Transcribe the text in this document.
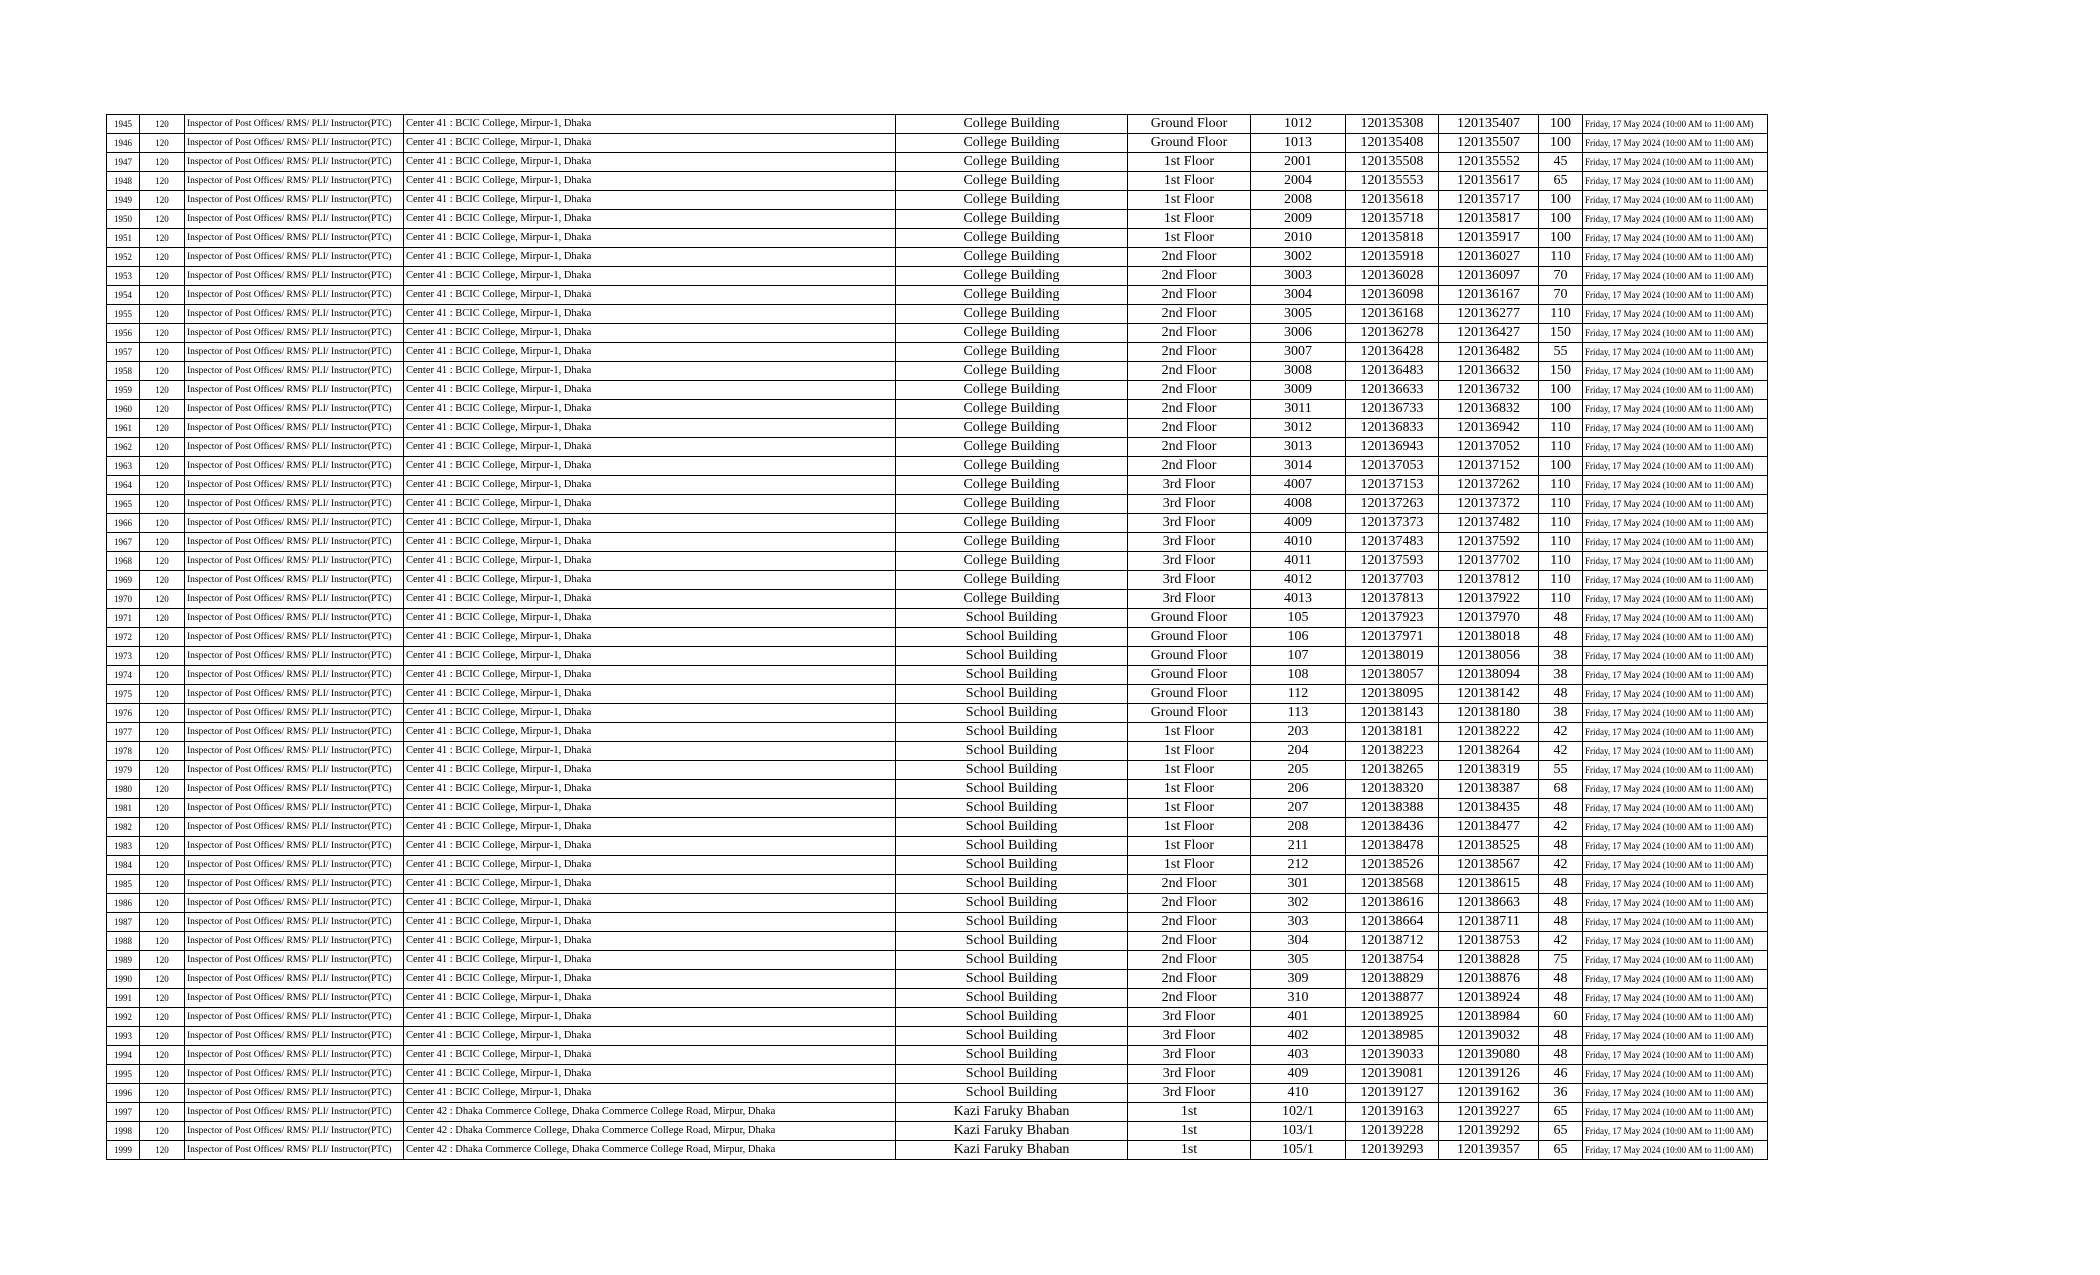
1945	120	Inspector of Post Offices/ RMS/ PLI/ Instructor(PTC)	Center 41 : BCIC College, Mirpur-1, Dhaka	College Building	Ground Floor	1012	120135308	120135407	100	Friday, 17 May 2024 (10:00 AM to 11:00 AM)
1946	120	Inspector of Post Offices/ RMS/ PLI/ Instructor(PTC)	Center 41 : BCIC College, Mirpur-1, Dhaka	College Building	Ground Floor	1013	120135408	120135507	100	Friday, 17 May 2024 (10:00 AM to 11:00 AM)
1947	120	Inspector of Post Offices/ RMS/ PLI/ Instructor(PTC)	Center 41 : BCIC College, Mirpur-1, Dhaka	College Building	1st Floor	2001	120135508	120135552	45	Friday, 17 May 2024 (10:00 AM to 11:00 AM)
1948	120	Inspector of Post Offices/ RMS/ PLI/ Instructor(PTC)	Center 41 : BCIC College, Mirpur-1, Dhaka	College Building	1st Floor	2004	120135553	120135617	65	Friday, 17 May 2024 (10:00 AM to 11:00 AM)
1949	120	Inspector of Post Offices/ RMS/ PLI/ Instructor(PTC)	Center 41 : BCIC College, Mirpur-1, Dhaka	College Building	1st Floor	2008	120135618	120135717	100	Friday, 17 May 2024 (10:00 AM to 11:00 AM)
1950	120	Inspector of Post Offices/ RMS/ PLI/ Instructor(PTC)	Center 41 : BCIC College, Mirpur-1, Dhaka	College Building	1st Floor	2009	120135718	120135817	100	Friday, 17 May 2024 (10:00 AM to 11:00 AM)
1951	120	Inspector of Post Offices/ RMS/ PLI/ Instructor(PTC)	Center 41 : BCIC College, Mirpur-1, Dhaka	College Building	1st Floor	2010	120135818	120135917	100	Friday, 17 May 2024 (10:00 AM to 11:00 AM)
1952	120	Inspector of Post Offices/ RMS/ PLI/ Instructor(PTC)	Center 41 : BCIC College, Mirpur-1, Dhaka	College Building	2nd Floor	3002	120135918	120136027	110	Friday, 17 May 2024 (10:00 AM to 11:00 AM)
1953	120	Inspector of Post Offices/ RMS/ PLI/ Instructor(PTC)	Center 41 : BCIC College, Mirpur-1, Dhaka	College Building	2nd Floor	3003	120136028	120136097	70	Friday, 17 May 2024 (10:00 AM to 11:00 AM)
1954	120	Inspector of Post Offices/ RMS/ PLI/ Instructor(PTC)	Center 41 : BCIC College, Mirpur-1, Dhaka	College Building	2nd Floor	3004	120136098	120136167	70	Friday, 17 May 2024 (10:00 AM to 11:00 AM)
1955	120	Inspector of Post Offices/ RMS/ PLI/ Instructor(PTC)	Center 41 : BCIC College, Mirpur-1, Dhaka	College Building	2nd Floor	3005	120136168	120136277	110	Friday, 17 May 2024 (10:00 AM to 11:00 AM)
1956	120	Inspector of Post Offices/ RMS/ PLI/ Instructor(PTC)	Center 41 : BCIC College, Mirpur-1, Dhaka	College Building	2nd Floor	3006	120136278	120136427	150	Friday, 17 May 2024 (10:00 AM to 11:00 AM)
1957	120	Inspector of Post Offices/ RMS/ PLI/ Instructor(PTC)	Center 41 : BCIC College, Mirpur-1, Dhaka	College Building	2nd Floor	3007	120136428	120136482	55	Friday, 17 May 2024 (10:00 AM to 11:00 AM)
1958	120	Inspector of Post Offices/ RMS/ PLI/ Instructor(PTC)	Center 41 : BCIC College, Mirpur-1, Dhaka	College Building	2nd Floor	3008	120136483	120136632	150	Friday, 17 May 2024 (10:00 AM to 11:00 AM)
1959	120	Inspector of Post Offices/ RMS/ PLI/ Instructor(PTC)	Center 41 : BCIC College, Mirpur-1, Dhaka	College Building	2nd Floor	3009	120136633	120136732	100	Friday, 17 May 2024 (10:00 AM to 11:00 AM)
1960	120	Inspector of Post Offices/ RMS/ PLI/ Instructor(PTC)	Center 41 : BCIC College, Mirpur-1, Dhaka	College Building	2nd Floor	3011	120136733	120136832	100	Friday, 17 May 2024 (10:00 AM to 11:00 AM)
1961	120	Inspector of Post Offices/ RMS/ PLI/ Instructor(PTC)	Center 41 : BCIC College, Mirpur-1, Dhaka	College Building	2nd Floor	3012	120136833	120136942	110	Friday, 17 May 2024 (10:00 AM to 11:00 AM)
1962	120	Inspector of Post Offices/ RMS/ PLI/ Instructor(PTC)	Center 41 : BCIC College, Mirpur-1, Dhaka	College Building	2nd Floor	3013	120136943	120137052	110	Friday, 17 May 2024 (10:00 AM to 11:00 AM)
1963	120	Inspector of Post Offices/ RMS/ PLI/ Instructor(PTC)	Center 41 : BCIC College, Mirpur-1, Dhaka	College Building	2nd Floor	3014	120137053	120137152	100	Friday, 17 May 2024 (10:00 AM to 11:00 AM)
1964	120	Inspector of Post Offices/ RMS/ PLI/ Instructor(PTC)	Center 41 : BCIC College, Mirpur-1, Dhaka	College Building	3rd Floor	4007	120137153	120137262	110	Friday, 17 May 2024 (10:00 AM to 11:00 AM)
1965	120	Inspector of Post Offices/ RMS/ PLI/ Instructor(PTC)	Center 41 : BCIC College, Mirpur-1, Dhaka	College Building	3rd Floor	4008	120137263	120137372	110	Friday, 17 May 2024 (10:00 AM to 11:00 AM)
1966	120	Inspector of Post Offices/ RMS/ PLI/ Instructor(PTC)	Center 41 : BCIC College, Mirpur-1, Dhaka	College Building	3rd Floor	4009	120137373	120137482	110	Friday, 17 May 2024 (10:00 AM to 11:00 AM)
1967	120	Inspector of Post Offices/ RMS/ PLI/ Instructor(PTC)	Center 41 : BCIC College, Mirpur-1, Dhaka	College Building	3rd Floor	4010	120137483	120137592	110	Friday, 17 May 2024 (10:00 AM to 11:00 AM)
1968	120	Inspector of Post Offices/ RMS/ PLI/ Instructor(PTC)	Center 41 : BCIC College, Mirpur-1, Dhaka	College Building	3rd Floor	4011	120137593	120137702	110	Friday, 17 May 2024 (10:00 AM to 11:00 AM)
1969	120	Inspector of Post Offices/ RMS/ PLI/ Instructor(PTC)	Center 41 : BCIC College, Mirpur-1, Dhaka	College Building	3rd Floor	4012	120137703	120137812	110	Friday, 17 May 2024 (10:00 AM to 11:00 AM)
1970	120	Inspector of Post Offices/ RMS/ PLI/ Instructor(PTC)	Center 41 : BCIC College, Mirpur-1, Dhaka	College Building	3rd Floor	4013	120137813	120137922	110	Friday, 17 May 2024 (10:00 AM to 11:00 AM)
1971	120	Inspector of Post Offices/ RMS/ PLI/ Instructor(PTC)	Center 41 : BCIC College, Mirpur-1, Dhaka	School Building	Ground Floor	105	120137923	120137970	48	Friday, 17 May 2024 (10:00 AM to 11:00 AM)
1972	120	Inspector of Post Offices/ RMS/ PLI/ Instructor(PTC)	Center 41 : BCIC College, Mirpur-1, Dhaka	School Building	Ground Floor	106	120137971	120138018	48	Friday, 17 May 2024 (10:00 AM to 11:00 AM)
1973	120	Inspector of Post Offices/ RMS/ PLI/ Instructor(PTC)	Center 41 : BCIC College, Mirpur-1, Dhaka	School Building	Ground Floor	107	120138019	120138056	38	Friday, 17 May 2024 (10:00 AM to 11:00 AM)
1974	120	Inspector of Post Offices/ RMS/ PLI/ Instructor(PTC)	Center 41 : BCIC College, Mirpur-1, Dhaka	School Building	Ground Floor	108	120138057	120138094	38	Friday, 17 May 2024 (10:00 AM to 11:00 AM)
1975	120	Inspector of Post Offices/ RMS/ PLI/ Instructor(PTC)	Center 41 : BCIC College, Mirpur-1, Dhaka	School Building	Ground Floor	112	120138095	120138142	48	Friday, 17 May 2024 (10:00 AM to 11:00 AM)
1976	120	Inspector of Post Offices/ RMS/ PLI/ Instructor(PTC)	Center 41 : BCIC College, Mirpur-1, Dhaka	School Building	Ground Floor	113	120138143	120138180	38	Friday, 17 May 2024 (10:00 AM to 11:00 AM)
1977	120	Inspector of Post Offices/ RMS/ PLI/ Instructor(PTC)	Center 41 : BCIC College, Mirpur-1, Dhaka	School Building	1st Floor	203	120138181	120138222	42	Friday, 17 May 2024 (10:00 AM to 11:00 AM)
1978	120	Inspector of Post Offices/ RMS/ PLI/ Instructor(PTC)	Center 41 : BCIC College, Mirpur-1, Dhaka	School Building	1st Floor	204	120138223	120138264	42	Friday, 17 May 2024 (10:00 AM to 11:00 AM)
1979	120	Inspector of Post Offices/ RMS/ PLI/ Instructor(PTC)	Center 41 : BCIC College, Mirpur-1, Dhaka	School Building	1st Floor	205	120138265	120138319	55	Friday, 17 May 2024 (10:00 AM to 11:00 AM)
1980	120	Inspector of Post Offices/ RMS/ PLI/ Instructor(PTC)	Center 41 : BCIC College, Mirpur-1, Dhaka	School Building	1st Floor	206	120138320	120138387	68	Friday, 17 May 2024 (10:00 AM to 11:00 AM)
1981	120	Inspector of Post Offices/ RMS/ PLI/ Instructor(PTC)	Center 41 : BCIC College, Mirpur-1, Dhaka	School Building	1st Floor	207	120138388	120138435	48	Friday, 17 May 2024 (10:00 AM to 11:00 AM)
1982	120	Inspector of Post Offices/ RMS/ PLI/ Instructor(PTC)	Center 41 : BCIC College, Mirpur-1, Dhaka	School Building	1st Floor	208	120138436	120138477	42	Friday, 17 May 2024 (10:00 AM to 11:00 AM)
1983	120	Inspector of Post Offices/ RMS/ PLI/ Instructor(PTC)	Center 41 : BCIC College, Mirpur-1, Dhaka	School Building	1st Floor	211	120138478	120138525	48	Friday, 17 May 2024 (10:00 AM to 11:00 AM)
1984	120	Inspector of Post Offices/ RMS/ PLI/ Instructor(PTC)	Center 41 : BCIC College, Mirpur-1, Dhaka	School Building	1st Floor	212	120138526	120138567	42	Friday, 17 May 2024 (10:00 AM to 11:00 AM)
1985	120	Inspector of Post Offices/ RMS/ PLI/ Instructor(PTC)	Center 41 : BCIC College, Mirpur-1, Dhaka	School Building	2nd Floor	301	120138568	120138615	48	Friday, 17 May 2024 (10:00 AM to 11:00 AM)
1986	120	Inspector of Post Offices/ RMS/ PLI/ Instructor(PTC)	Center 41 : BCIC College, Mirpur-1, Dhaka	School Building	2nd Floor	302	120138616	120138663	48	Friday, 17 May 2024 (10:00 AM to 11:00 AM)
1987	120	Inspector of Post Offices/ RMS/ PLI/ Instructor(PTC)	Center 41 : BCIC College, Mirpur-1, Dhaka	School Building	2nd Floor	303	120138664	120138711	48	Friday, 17 May 2024 (10:00 AM to 11:00 AM)
1988	120	Inspector of Post Offices/ RMS/ PLI/ Instructor(PTC)	Center 41 : BCIC College, Mirpur-1, Dhaka	School Building	2nd Floor	304	120138712	120138753	42	Friday, 17 May 2024 (10:00 AM to 11:00 AM)
1989	120	Inspector of Post Offices/ RMS/ PLI/ Instructor(PTC)	Center 41 : BCIC College, Mirpur-1, Dhaka	School Building	2nd Floor	305	120138754	120138828	75	Friday, 17 May 2024 (10:00 AM to 11:00 AM)
1990	120	Inspector of Post Offices/ RMS/ PLI/ Instructor(PTC)	Center 41 : BCIC College, Mirpur-1, Dhaka	School Building	2nd Floor	309	120138829	120138876	48	Friday, 17 May 2024 (10:00 AM to 11:00 AM)
1991	120	Inspector of Post Offices/ RMS/ PLI/ Instructor(PTC)	Center 41 : BCIC College, Mirpur-1, Dhaka	School Building	2nd Floor	310	120138877	120138924	48	Friday, 17 May 2024 (10:00 AM to 11:00 AM)
1992	120	Inspector of Post Offices/ RMS/ PLI/ Instructor(PTC)	Center 41 : BCIC College, Mirpur-1, Dhaka	School Building	3rd Floor	401	120138925	120138984	60	Friday, 17 May 2024 (10:00 AM to 11:00 AM)
1993	120	Inspector of Post Offices/ RMS/ PLI/ Instructor(PTC)	Center 41 : BCIC College, Mirpur-1, Dhaka	School Building	3rd Floor	402	120138985	120139032	48	Friday, 17 May 2024 (10:00 AM to 11:00 AM)
1994	120	Inspector of Post Offices/ RMS/ PLI/ Instructor(PTC)	Center 41 : BCIC College, Mirpur-1, Dhaka	School Building	3rd Floor	403	120139033	120139080	48	Friday, 17 May 2024 (10:00 AM to 11:00 AM)
1995	120	Inspector of Post Offices/ RMS/ PLI/ Instructor(PTC)	Center 41 : BCIC College, Mirpur-1, Dhaka	School Building	3rd Floor	409	120139081	120139126	46	Friday, 17 May 2024 (10:00 AM to 11:00 AM)
1996	120	Inspector of Post Offices/ RMS/ PLI/ Instructor(PTC)	Center 41 : BCIC College, Mirpur-1, Dhaka	School Building	3rd Floor	410	120139127	120139162	36	Friday, 17 May 2024 (10:00 AM to 11:00 AM)
1997	120	Inspector of Post Offices/ RMS/ PLI/ Instructor(PTC)	Center 42 : Dhaka Commerce College, Dhaka Commerce College Road, Mirpur, Dhaka	Kazi Faruky Bhaban	1st	102/1	120139163	120139227	65	Friday, 17 May 2024 (10:00 AM to 11:00 AM)
1998	120	Inspector of Post Offices/ RMS/ PLI/ Instructor(PTC)	Center 42 : Dhaka Commerce College, Dhaka Commerce College Road, Mirpur, Dhaka	Kazi Faruky Bhaban	1st	103/1	120139228	120139292	65	Friday, 17 May 2024 (10:00 AM to 11:00 AM)
1999	120	Inspector of Post Offices/ RMS/ PLI/ Instructor(PTC)	Center 42 : Dhaka Commerce College, Dhaka Commerce College Road, Mirpur, Dhaka	Kazi Faruky Bhaban	1st	105/1	120139293	120139357	65	Friday, 17 May 2024 (10:00 AM to 11:00 AM)
